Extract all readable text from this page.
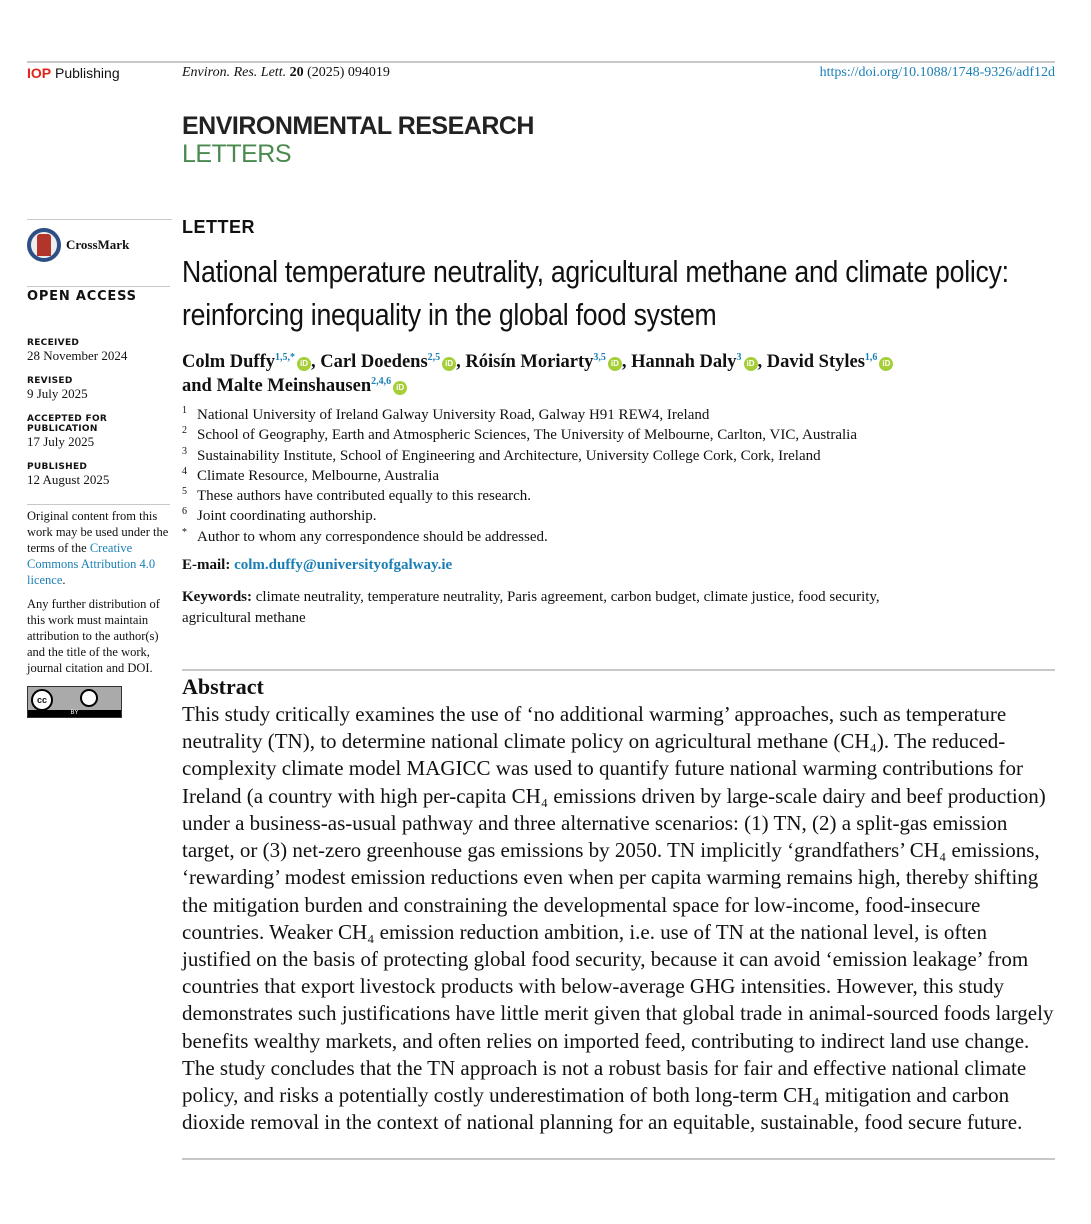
IOP Publishing	Environ. Res. Lett. 20 (2025) 094019	https://doi.org/10.1088/1748-9326/adf12d
ENVIRONMENTAL RESEARCH
LETTERS
CrossMark
OPEN ACCESS
RECEIVED
28 November 2024
REVISED
9 July 2025
ACCEPTED FOR PUBLICATION
17 July 2025
PUBLISHED
12 August 2025
Original content from this work may be used under the terms of the Creative Commons Attribution 4.0 licence.
Any further distribution of this work must maintain attribution to the author(s) and the title of the work, journal citation and DOI.
cc
BY
LETTER
National temperature neutrality, agricultural methane and climate policy: reinforcing inequality in the global food system
Colm Duffy$^{1,5,*}$iD , Carl Doedens$^{2,5}$iD , Róisín Moriarty$^{3,5}$iD , Hannah Daly$^3$iD , David Styles$^{1,6}$iD
and Malte Meinshausen$^{2,4,6}$iD
$^1$ National University of Ireland Galway University Road, Galway H91 REW4, Ireland
$^2$ School of Geography, Earth and Atmospheric Sciences, The University of Melbourne, Carlton, VIC, Australia
$^3$ Sustainability Institute, School of Engineering and Architecture, University College Cork, Cork, Ireland
$^4$ Climate Resource, Melbourne, Australia
$^5$ These authors have contributed equally to this research.
$^6$ Joint coordinating authorship.
* Author to whom any correspondence should be addressed.
E-mail: colm.duffy@universityofgalway.ie
Keywords: climate neutrality, temperature neutrality, Paris agreement, carbon budget, climate justice, food security, agricultural methane
Abstract
This study critically examines the use of ‘no additional warming’ approaches, such as temperature neutrality (TN), to determine national climate policy on agricultural methane (CH₄). The reduced-complexity climate model MAGICC was used to quantify future national warming contributions for Ireland (a country with high per-capita CH₄ emissions driven by large-scale dairy and beef production) under a business-as-usual pathway and three alternative scenarios: (1) TN, (2) a split-gas emission target, or (3) net-zero greenhouse gas emissions by 2050. TN implicitly ‘grandfathers’ CH₄ emissions, ‘rewarding’ modest emission reductions even when per capita warming remains high, thereby shifting the mitigation burden and constraining the developmental space for low-income, food-insecure countries. Weaker CH₄ emission reduction ambition, i.e. use of TN at the national level, is often justified on the basis of protecting global food security, because it can avoid ‘emission leakage’ from countries that export livestock products with below-average GHG intensities. However, this study demonstrates such justifications have little merit given that global trade in animal-sourced foods largely benefits wealthy markets, and often relies on imported feed, contributing to indirect land use change. The study concludes that the TN approach is not a robust basis for fair and effective national climate policy, and risks a potentially costly underestimation of both long-term CH₄ mitigation and carbon dioxide removal in the context of national planning for an equitable, sustainable, food secure future.
